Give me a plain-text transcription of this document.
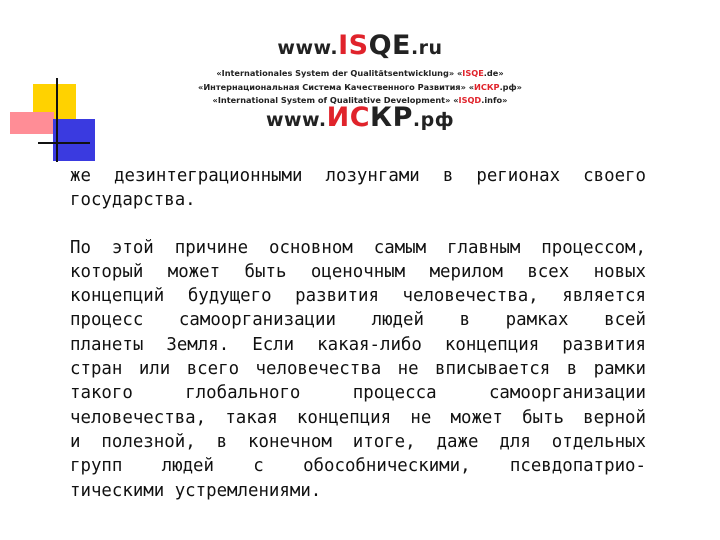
www.ISQE.ru
«Internationales System der Qualitätsentwicklung» «ISQE.de»
«Интернациональная Система Качественного Развития» «ИСКР.рф»
«International System of Qualitative Development» «ISQD.info»
www.ИСКР.рф
же дезинтеграционными лозунгами в регионах своего
государства.
По этой причине основном самым главным процессом,
который может быть оценочным мерилом всех новых
концепций будущего развития человечества, является
процесс самоорганизации людей в рамках всей
планеты Земля. Если какая-либо концепция развития
стран или всего человечества не вписывается в рамки
такого глобального процесса самоорганизации
человечества, такая концепция не может быть верной
и полезной, в конечном итоге, даже для отдельных
групп людей с обособническими, псевдопатрио-
тическими устремлениями.
